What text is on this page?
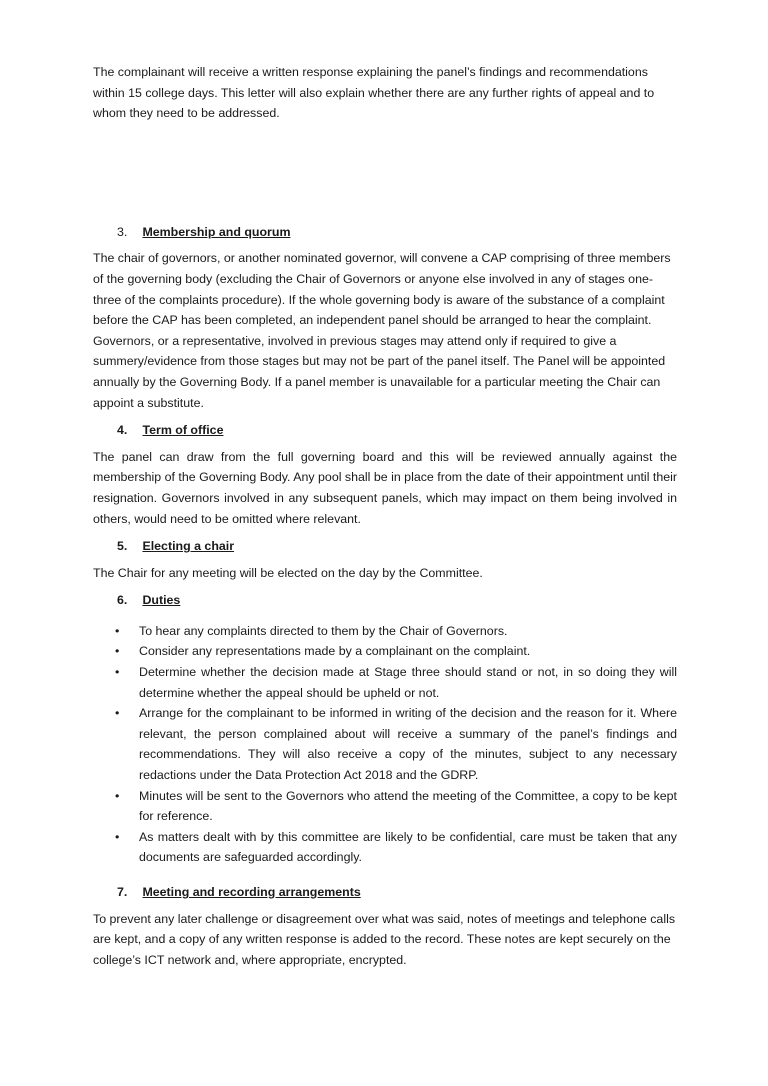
The complainant will receive a written response explaining the panel’s findings and recommendations within 15 college days. This letter will also explain whether there are any further rights of appeal and to whom they need to be addressed.

3. Membership and quorum

The chair of governors, or another nominated governor, will convene a CAP comprising of three members of the governing body (excluding the Chair of Governors or anyone else involved in any of stages one-three of the complaints procedure). If the whole governing body is aware of the substance of a complaint before the CAP has been completed, an independent panel should be arranged to hear the complaint. Governors, or a representative, involved in previous stages may attend only if required to give a summery/evidence from those stages but may not be part of the panel itself. The Panel will be appointed annually by the Governing Body. If a panel member is unavailable for a particular meeting the Chair can appoint a substitute.

4. Term of office

The panel can draw from the full governing board and this will be reviewed annually against the membership of the Governing Body. Any pool shall be in place from the date of their appointment until their resignation. Governors involved in any subsequent panels, which may impact on them being involved in others, would need to be omitted where relevant.

5. Electing a chair

The Chair for any meeting will be elected on the day by the Committee.

6. Duties
• To hear any complaints directed to them by the Chair of Governors.
• Consider any representations made by a complainant on the complaint.
• Determine whether the decision made at Stage three should stand or not, in so doing they will determine whether the appeal should be upheld or not.
• Arrange for the complainant to be informed in writing of the decision and the reason for it. Where relevant, the person complained about will receive a summary of the panel’s findings and recommendations. They will also receive a copy of the minutes, subject to any necessary redactions under the Data Protection Act 2018 and the GDRP.
• Minutes will be sent to the Governors who attend the meeting of the Committee, a copy to be kept for reference.
• As matters dealt with by this committee are likely to be confidential, care must be taken that any documents are safeguarded accordingly.
7. Meeting and recording arrangements

To prevent any later challenge or disagreement over what was said, notes of meetings and telephone calls are kept, and a copy of any written response is added to the record. These notes are kept securely on the college’s ICT network and, where appropriate, encrypted.
